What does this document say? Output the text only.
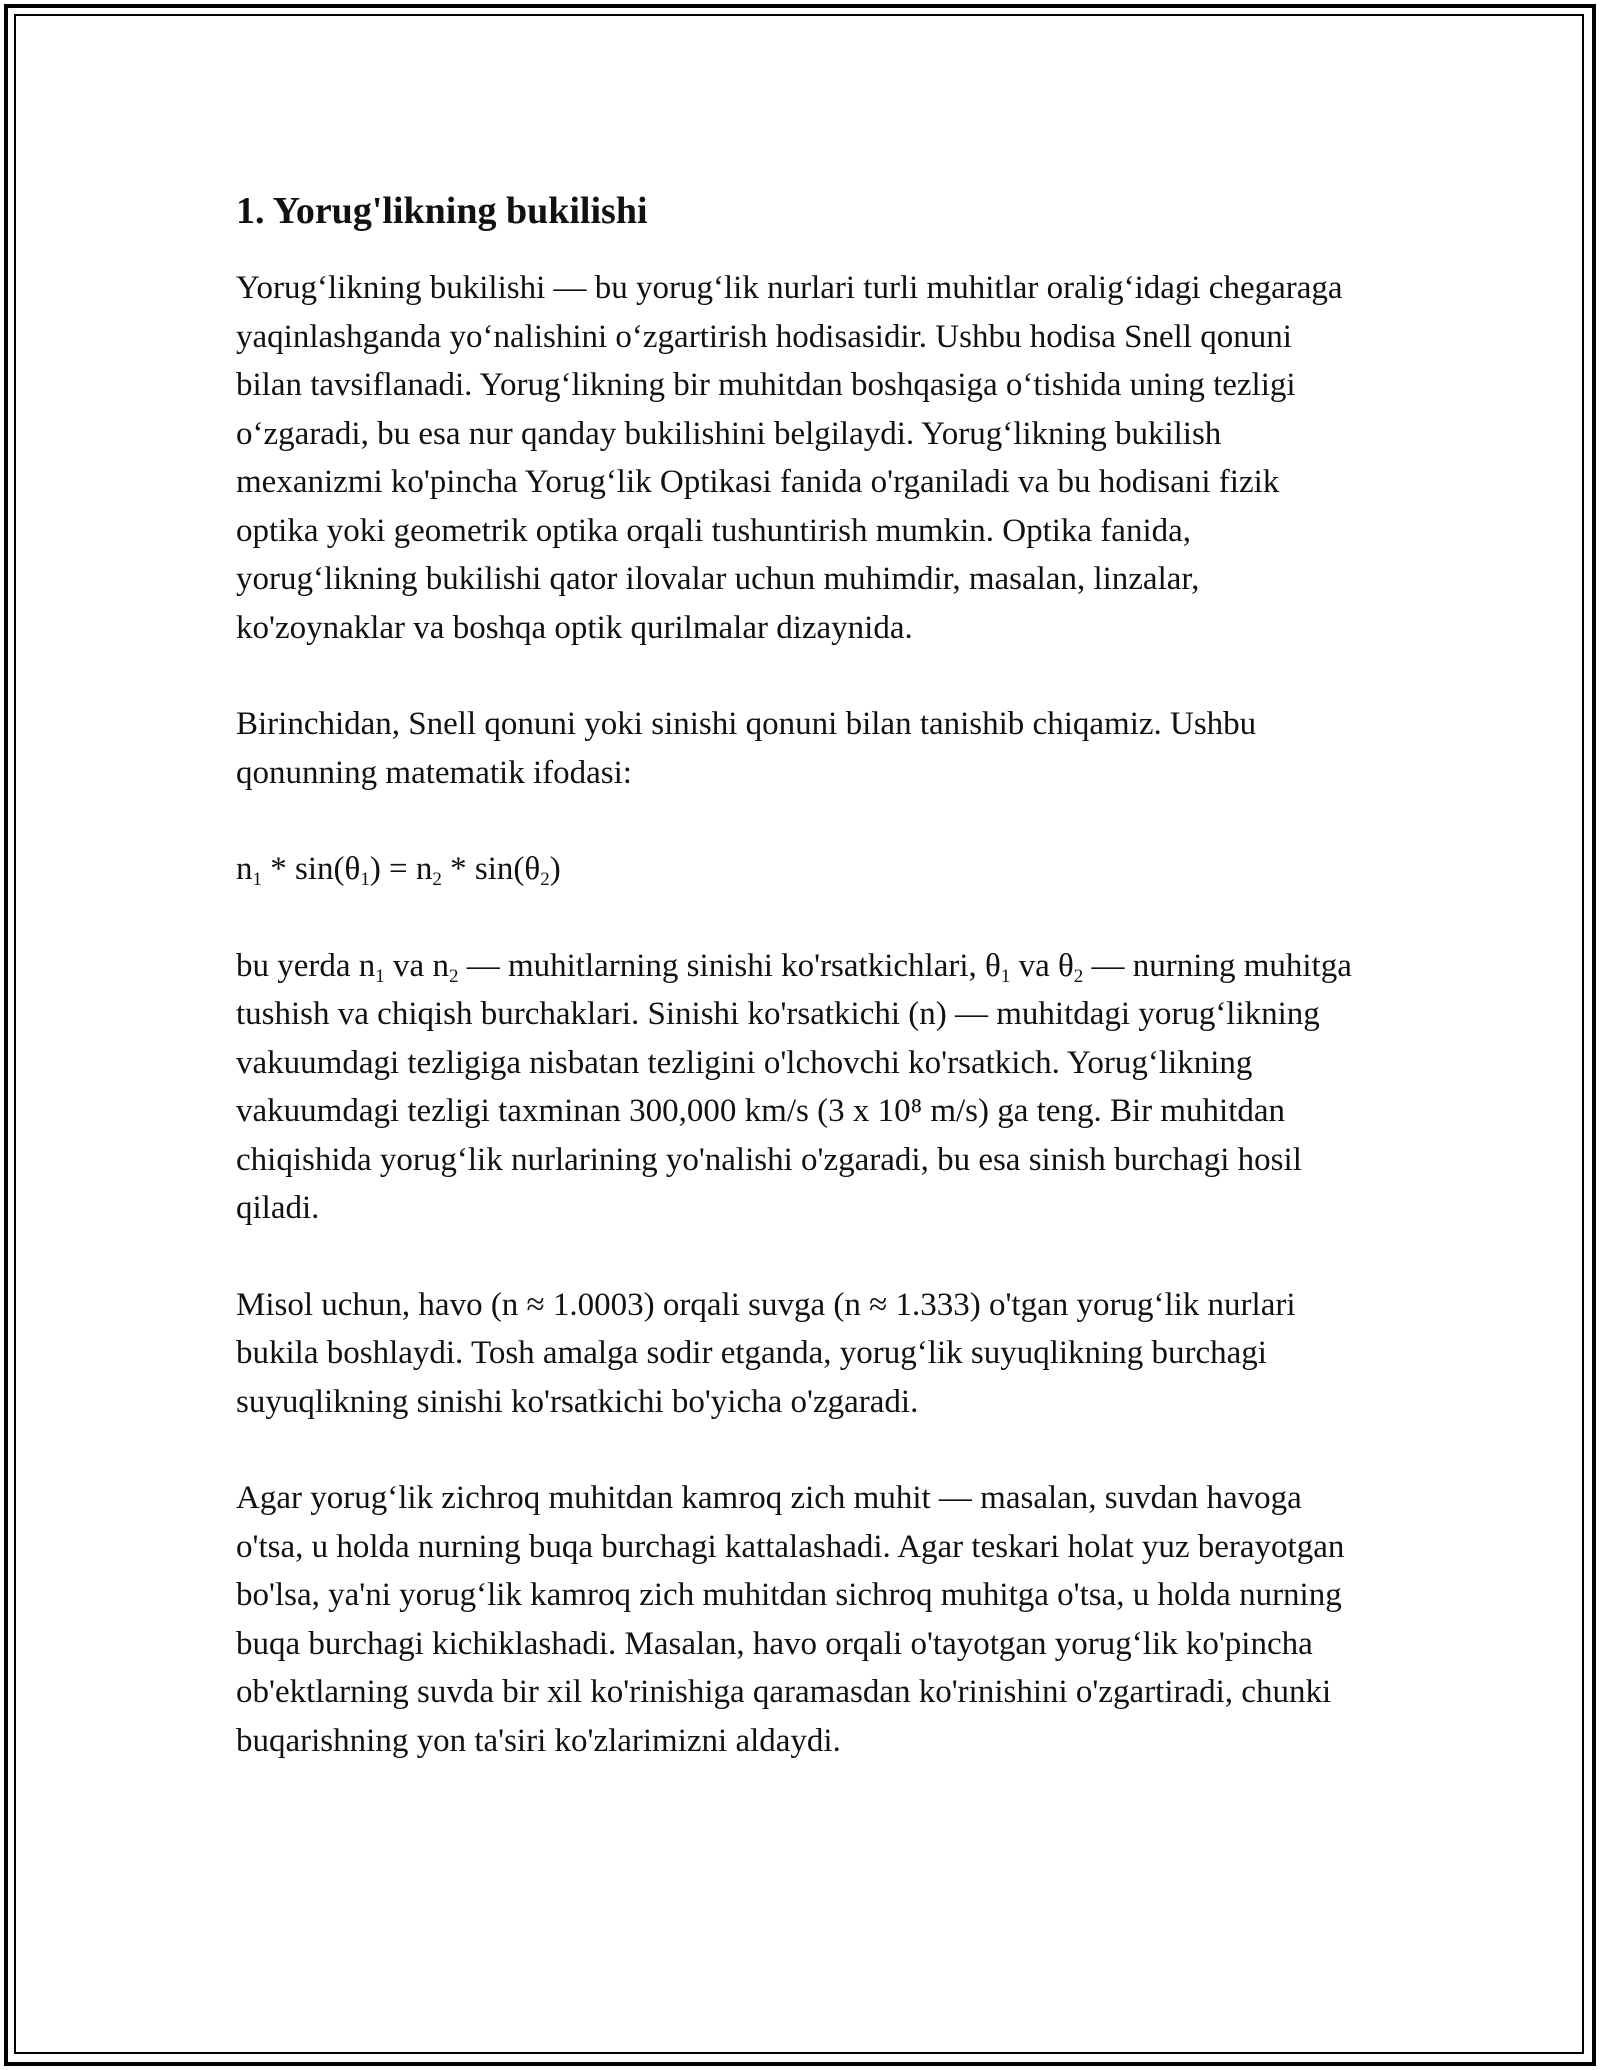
1. Yorug'likning bukilishi

Yorug‘likning bukilishi — bu yorug‘lik nurlari turli muhitlar oralig‘idagi chegaraga yaqinlashganda yo‘nalishini o‘zgartirish hodisasidir. Ushbu hodisa Snell qonuni bilan tavsiflanadi. Yorug‘likning bir muhitdan boshqasiga o‘tishida uning tezligi o‘zgaradi, bu esa nur qanday bukilishini belgilaydi. Yorug‘likning bukilish mexanizmi ko'pincha Yorug‘lik Optikasi fanida o'rganiladi va bu hodisani fizik optika yoki geometrik optika orqali tushuntirish mumkin. Optika fanida, yorug‘likning bukilishi qator ilovalar uchun muhimdir, masalan, linzalar, ko'zoynaklar va boshqa optik qurilmalar dizaynida.

Birinchidan, Snell qonuni yoki sinishi qonuni bilan tanishib chiqamiz. Ushbu qonunning matematik ifodasi:

$n_1 * \sin(\theta_1) = n_2 * \sin(\theta_2)$

bu yerda $n_1$ va $n_2$ — muhitlarning sinishi ko'rsatkichlari, $\theta_1$ va $\theta_2$ — nurning muhitga tushish va chiqish burchaklari. Sinishi ko'rsatkichi (n) — muhitdagi yorug‘likning vakuumdagi tezligiga nisbatan tezligini o'lchovchi ko'rsatkich. Yorug‘likning vakuumdagi tezligi taxminan 300,000 km/s (3 x 10⁸ m/s) ga teng. Bir muhitdan chiqishida yorug‘lik nurlarining yo'nalishi o'zgaradi, bu esa sinish burchagi hosil qiladi.

Misol uchun, havo (n ≈ 1.0003) orqali suvga (n ≈ 1.333) o'tgan yorug‘lik nurlari bukila boshlaydi. Tosh amalga sodir etganda, yorug‘lik suyuqlikning burchagi suyuqlikning sinishi ko'rsatkichi bo'yicha o'zgaradi.

Agar yorug‘lik zichroq muhitdan kamroq zich muhit — masalan, suvdan havoga o'tsa, u holda nurning buqa burchagi kattalashadi. Agar teskari holat yuz berayotgan bo'lsa, ya'ni yorug‘lik kamroq zich muhitdan sichroq muhitga o'tsa, u holda nurning buqa burchagi kichiklashadi. Masalan, havo orqali o'tayotgan yorug‘lik ko'pincha ob'ektlarning suvda bir xil ko'rinishiga qaramasdan ko'rinishini o'zgartiradi, chunki buqarishning yon ta'siri ko'zlarimizni aldaydi.
